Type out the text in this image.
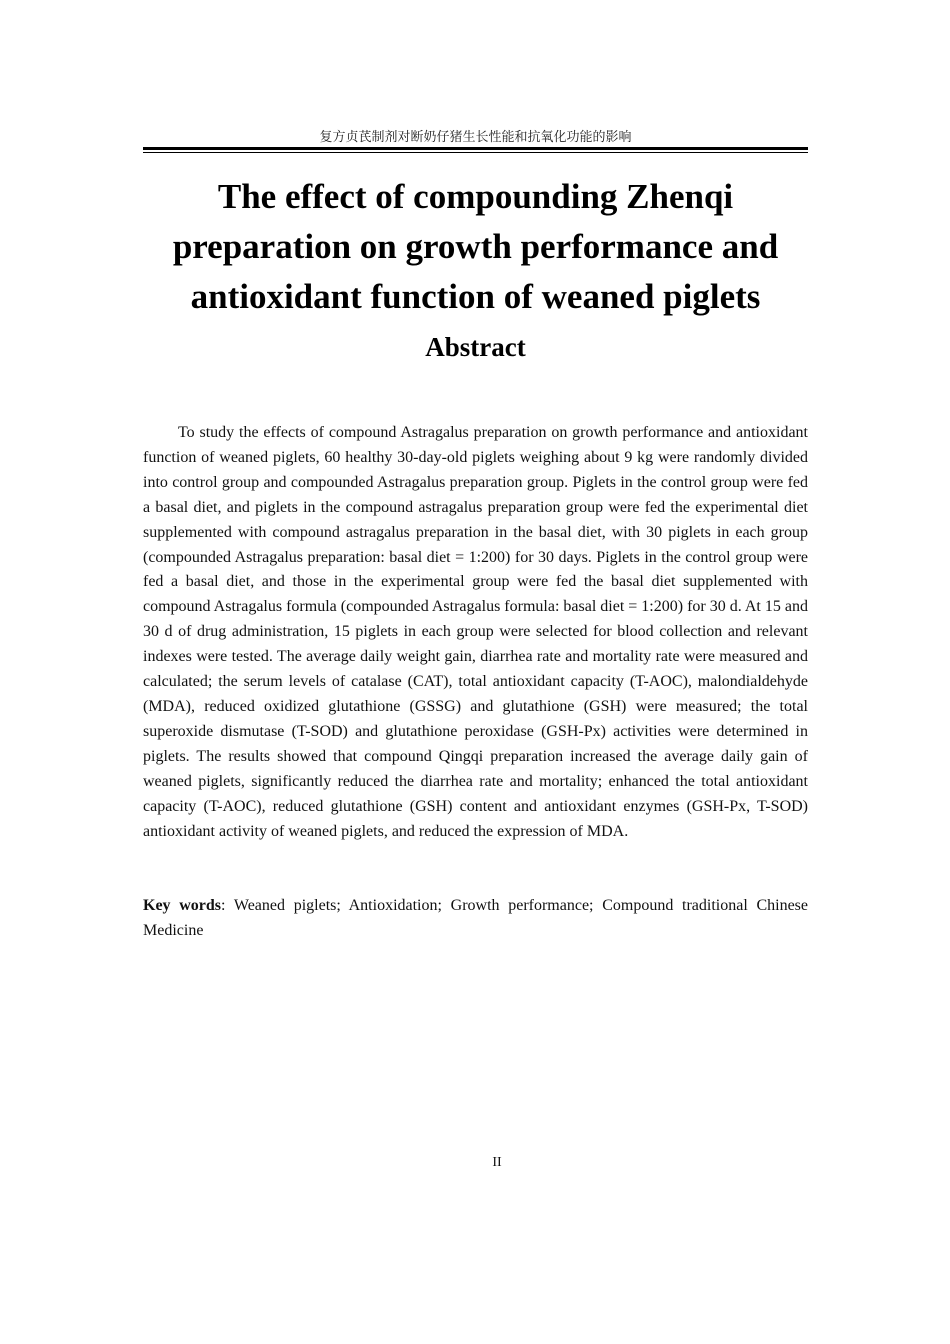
复方贞芪制剂对断奶仔猪生长性能和抗氧化功能的影响
The effect of compounding Zhenqi preparation on growth performance and antioxidant function of weaned piglets
Abstract

To study the effects of compound Astragalus preparation on growth performance and antioxidant function of weaned piglets, 60 healthy 30-day-old piglets weighing about 9 kg were randomly divided into control group and compounded Astragalus preparation group. Piglets in the control group were fed a basal diet, and piglets in the compound astragalus preparation group were fed the experimental diet supplemented with compound astragalus preparation in the basal diet, with 30 piglets in each group (compounded Astragalus preparation: basal diet = 1:200) for 30 days. Piglets in the control group were fed a basal diet, and those in the experimental group were fed the basal diet supplemented with compound Astragalus formula (compounded Astragalus formula: basal diet = 1:200) for 30 d. At 15 and 30 d of drug administration, 15 piglets in each group were selected for blood collection and relevant indexes were tested. The average daily weight gain, diarrhea rate and mortality rate were measured and calculated; the serum levels of catalase (CAT), total antioxidant capacity (T-AOC), malondialdehyde (MDA), reduced oxidized glutathione (GSSG) and glutathione (GSH) were measured; the total superoxide dismutase (T-SOD) and glutathione peroxidase (GSH-Px) activities were determined in piglets. The results showed that compound Qingqi preparation increased the average daily gain of weaned piglets, significantly reduced the diarrhea rate and mortality; enhanced the total antioxidant capacity (T-AOC), reduced glutathione (GSH) content and antioxidant enzymes (GSH-Px, T-SOD) antioxidant activity of weaned piglets, and reduced the expression of MDA.

Key words: Weaned piglets; Antioxidation; Growth performance; Compound traditional Chinese Medicine

II
